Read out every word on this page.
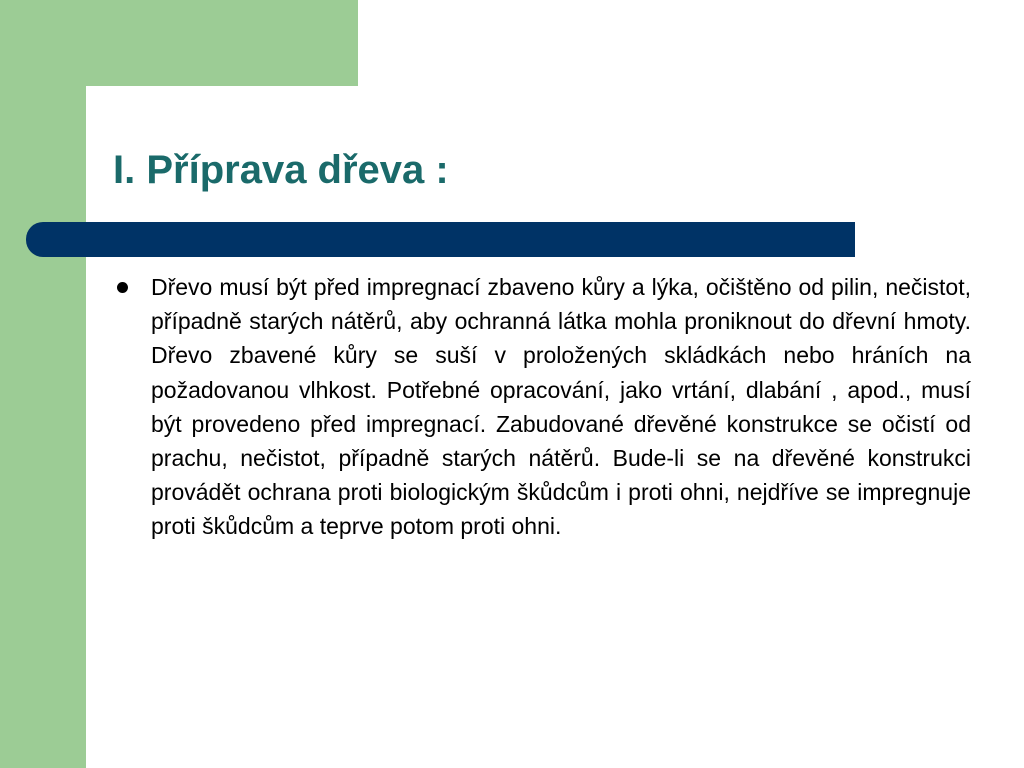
I. Příprava dřeva :

Dřevo musí být před impregnací zbaveno kůry a lýka, očištěno od pilin, nečistot, případně starých nátěrů, aby ochranná látka mohla proniknout do dřevní hmoty. Dřevo zbavené kůry se suší v proložených skládkách nebo hráních na požadovanou vlhkost. Potřebné opracování, jako vrtání, dlabání , apod., musí být provedeno před impregnací. Zabudované dřevěné konstrukce se očistí od prachu, nečistot, případně starých nátěrů. Bude-li se na dřevěné konstrukci provádět ochrana proti biologickým škůdcům i proti ohni, nejdříve se impregnuje proti škůdcům a teprve potom proti ohni.
